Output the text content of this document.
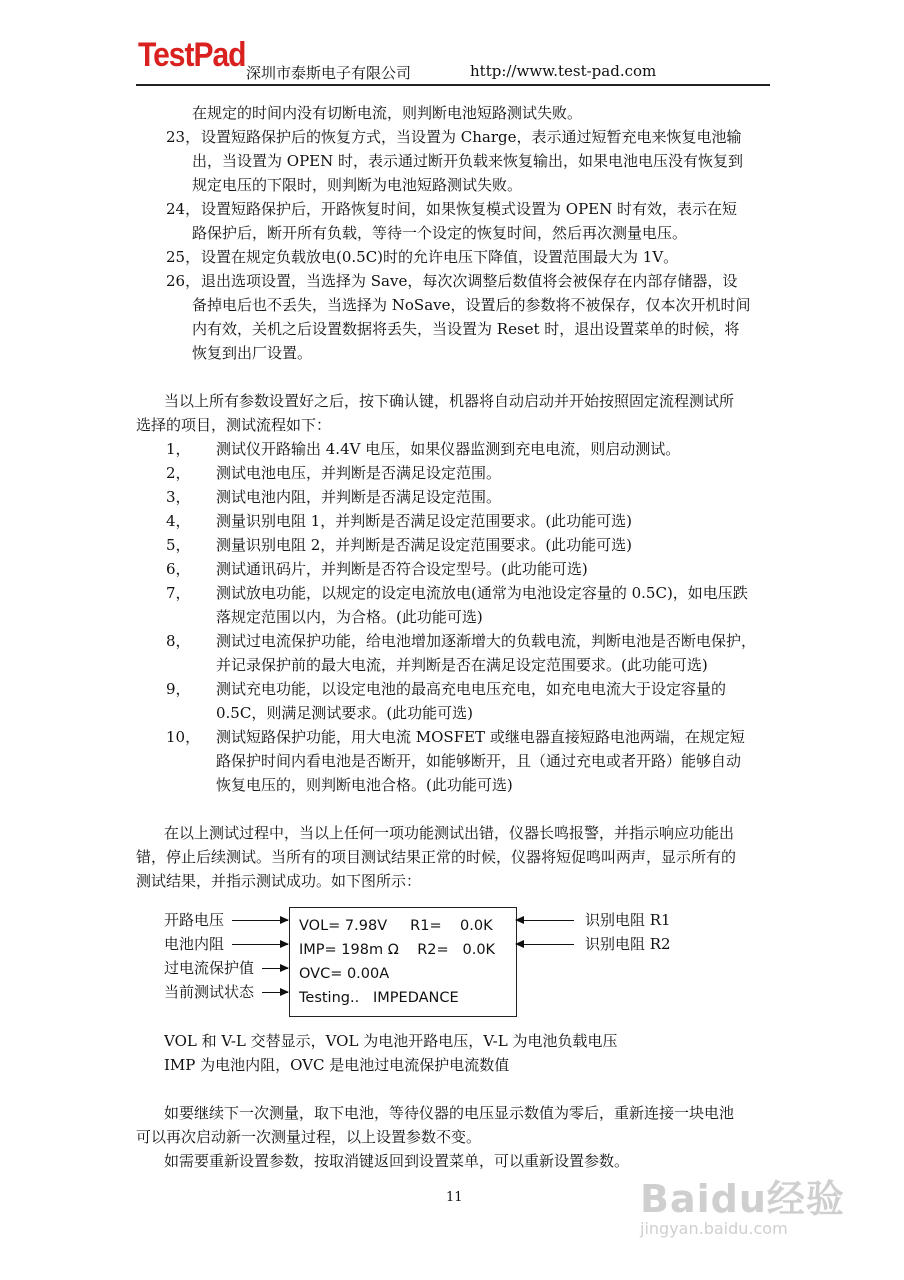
TestPad 深圳市泰斯电子有限公司	http://www.test-pad.com
在规定的时间内没有切断电流，则判断电池短路测试失败。
23， 设置短路保护后的恢复方式，当设置为 Charge，表示通过短暂充电来恢复电池输
出，当设置为 OPEN 时，表示通过断开负载来恢复输出，如果电池电压没有恢复到
规定电压的下限时，则判断为电池短路测试失败。
24， 设置短路保护后，开路恢复时间，如果恢复模式设置为 OPEN 时有效，表示在短
路保护后，断开所有负载，等待一个设定的恢复时间，然后再次测量电压。
25， 设置在规定负载放电(0.5C)时的允许电压下降值，设置范围最大为 1V。
26， 退出选项设置，当选择为 Save，每次次调整后数值将会被保存在内部存储器，设
备掉电后也不丢失，当选择为 NoSave，设置后的参数将不被保存，仅本次开机时间
内有效，关机之后设置数据将丢失，当设置为 Reset 时，退出设置菜单的时候，将
恢复到出厂设置。
当以上所有参数设置好之后，按下确认键，机器将自动启动并开始按照固定流程测试所
选择的项目，测试流程如下：
1， 测试仪开路输出 4.4V 电压，如果仪器监测到充电电流，则启动测试。
2， 测试电池电压，并判断是否满足设定范围。
3， 测试电池内阻，并判断是否满足设定范围。
4， 测量识别电阻 1，并判断是否满足设定范围要求。(此功能可选)
5， 测量识别电阻 2，并判断是否满足设定范围要求。(此功能可选)
6， 测试通讯码片，并判断是否符合设定型号。(此功能可选)
7， 测试放电功能，以规定的设定电流放电(通常为电池设定容量的 0.5C)，如电压跌
落规定范围以内，为合格。(此功能可选)
8， 测试过电流保护功能，给电池增加逐渐增大的负载电流，判断电池是否断电保护，
并记录保护前的最大电流，并判断是否在满足设定范围要求。(此功能可选)
9， 测试充电功能，以设定电池的最高充电电压充电，如充电电流大于设定容量的
0.5C，则满足测试要求。(此功能可选)
10， 测试短路保护功能，用大电流 MOSFET 或继电器直接短路电池两端，在规定短
路保护时间内看电池是否断开，如能够断开，且（通过充电或者开路）能够自动
恢复电压的，则判断电池合格。(此功能可选)
在以上测试过程中，当以上任何一项功能测试出错，仪器长鸣报警，并指示响应功能出
错，停止后续测试。当所有的项目测试结果正常的时候，仪器将短促鸣叫两声，显示所有的
测试结果，并指示测试成功。如下图所示：
开路电压
电池内阻
过电流保护值
当前测试状态
VOL= 7.98V     R1=    0.0K
IMP= 198m Ω    R2=   0.0K
OVC= 0.00A
Testing..   IMPEDANCE
识别电阻 R1
识别电阻 R2
VOL 和 V-L 交替显示，VOL 为电池开路电压，V-L 为电池负载电压
IMP 为电池内阻，OVC 是电池过电流保护电流数值
如要继续下一次测量，取下电池，等待仪器的电压显示数值为零后，重新连接一块电池
可以再次启动新一次测量过程，以上设置参数不变。
如需要重新设置参数，按取消键返回到设置菜单，可以重新设置参数。
11	Baidu经验
jingyan.baidu.com
